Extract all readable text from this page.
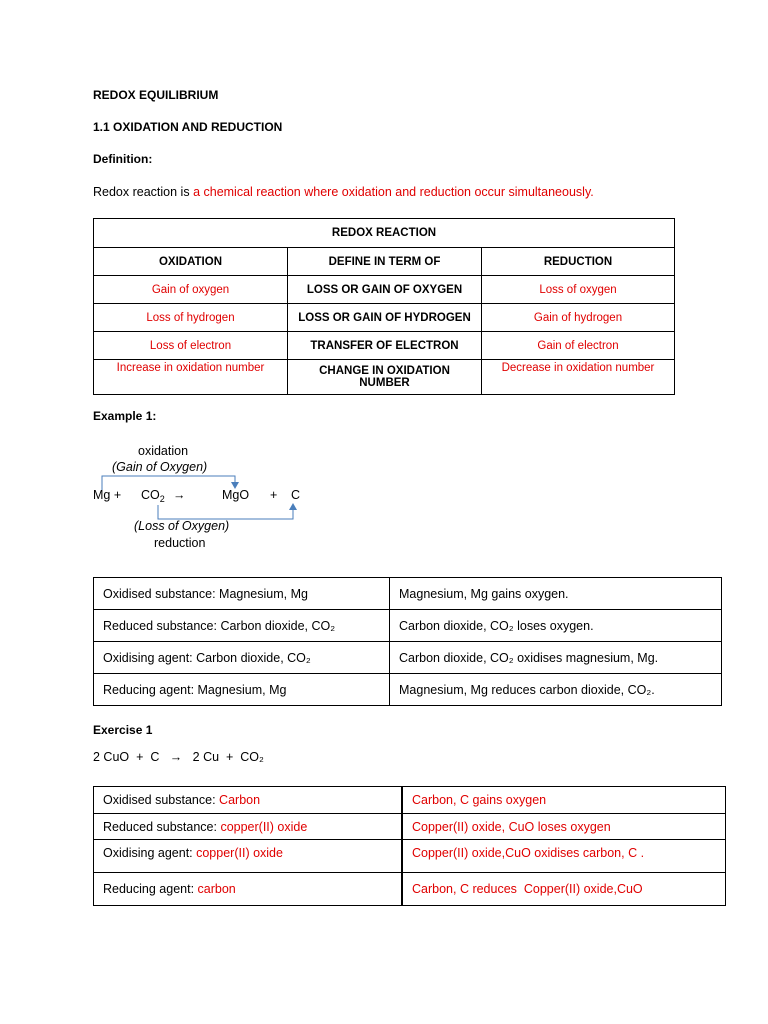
REDOX EQUILIBRIUM
1.1 OXIDATION AND REDUCTION
Definition:
Redox reaction is a chemical reaction where oxidation and reduction occur simultaneously.
REDOX REACTION		
OXIDATION	DEFINE IN TERM OF	REDUCTION
Gain of oxygen	LOSS OR GAIN OF OXYGEN	Loss of oxygen
Loss of hydrogen	LOSS OR GAIN OF HYDROGEN	Gain of hydrogen
Loss of electron	TRANSFER OF ELECTRON	Gain of electron
Increase in oxidation number	CHANGE IN OXIDATION NUMBER	Decrease in oxidation number
Example 1:
oxidation
(Gain of Oxygen)
$Mg + CO_2$ →	MgO + C
(Loss of Oxygen)
reduction
Oxidised substance: Magnesium, Mg	Magnesium, Mg gains oxygen.
Reduced substance: Carbon dioxide, CO₂	Carbon dioxide, CO₂ loses oxygen.
Oxidising agent: Carbon dioxide, CO₂	Carbon dioxide, CO₂ oxidises magnesium, Mg.
Reducing agent: Magnesium, Mg	Magnesium, Mg reduces carbon dioxide, CO₂.
Exercise 1
2 CuO  +  C   →   2 Cu  +  CO₂
Oxidised substance: Carbon	Carbon, C gains oxygen
Reduced substance: copper(II) oxide	Copper(II) oxide, CuO loses oxygen
Oxidising agent: copper(II) oxide	Copper(II) oxide,CuO oxidises carbon, C .
Reducing agent: carbon	Carbon, C reduces  Copper(II) oxide,CuO
